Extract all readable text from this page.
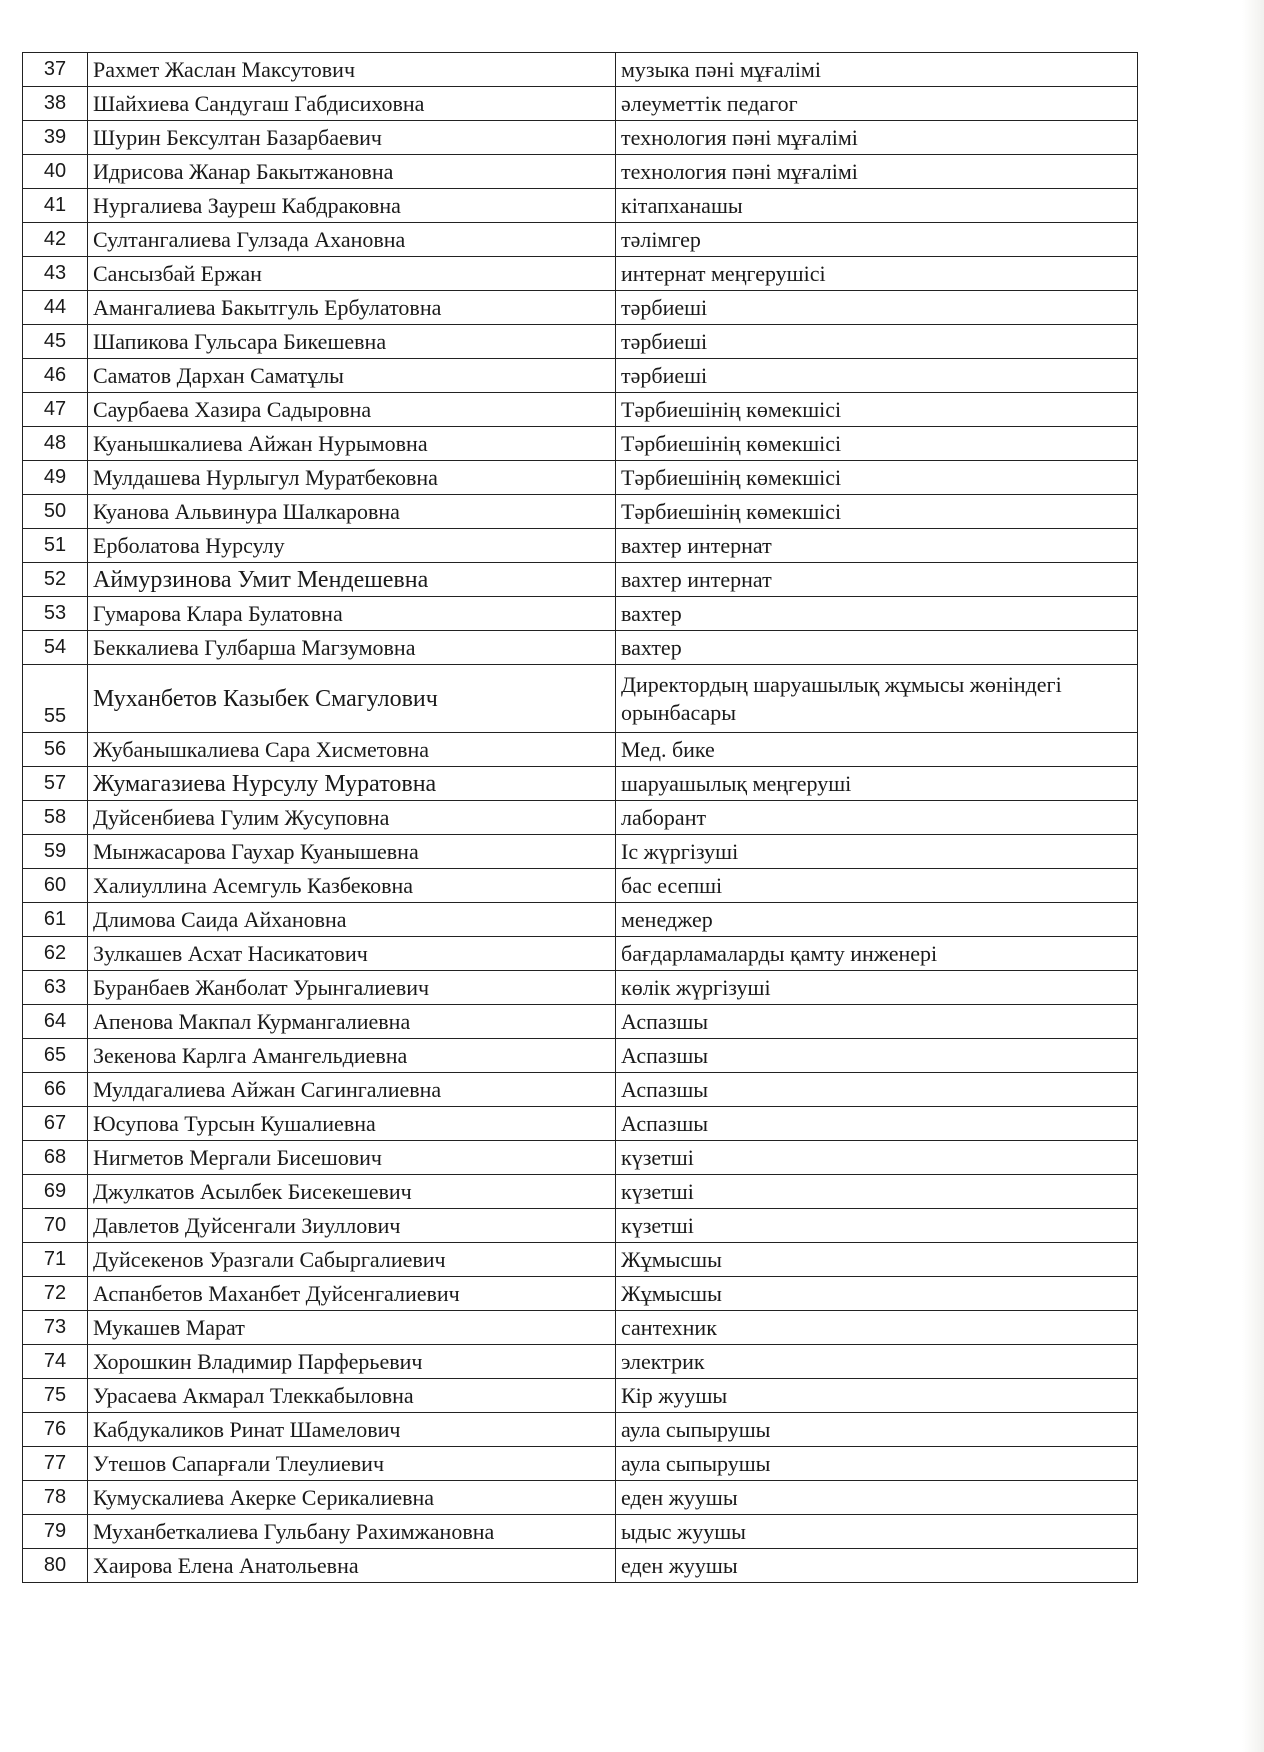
37	Рахмет Жаслан Максутович	музыка пәні мұғалімі
38	Шайхиева Сандугаш Габдисиховна	әлеуметтік педагог
39	Шурин Бексултан Базарбаевич	технология пәні мұғалімі
40	Идрисова Жанар Бакытжановна	технология пәні мұғалімі
41	Нургалиева Зауреш Кабдраковна	кітапханашы
42	Султангалиева Гулзада Ахановна	тәлімгер
43	Сансызбай Ержан	интернат меңгерушісі
44	Амангалиева Бакытгуль Ербулатовна	тәрбиеші
45	Шапикова Гульсара Бикешевна	тәрбиеші
46	Саматов Дархан Саматұлы	тәрбиеші
47	Саурбаева Хазира Садыровна	Тәрбиешінің көмекшісі
48	Куанышкалиева Айжан Нурымовна	Тәрбиешінің көмекшісі
49	Мулдашева Нурлыгул Муратбековна	Тәрбиешінің көмекшісі
50	Куанова Альвинура Шалкаровна	Тәрбиешінің көмекшісі
51	Ерболатова Нурсулу	вахтер интернат
52	Аймурзинова Умит Мендешевна	вахтер интернат
53	Гумарова Клара Булатовна	вахтер
54	Беккалиева Гулбарша Магзумовна	вахтер
55	Муханбетов Казыбек Смагулович	Директордың шаруашылық жұмысы жөніндегі орынбасары
56	Жубанышкалиева Сара Хисметовна	Мед. бике
57	Жумагазиева Нурсулу Муратовна	шаруашылық меңгеруші
58	Дуйсенбиева Гулим Жусуповна	лаборант
59	Мынжасарова Гаухар Куанышевна	Іс жүргізуші
60	Халиуллина Асемгуль Казбековна	бас есепші
61	Длимова Саида Айхановна	менеджер
62	Зулкашев Асхат Насикатович	бағдарламаларды қамту инженері
63	Буранбаев Жанболат Урынгалиевич	көлік жүргізуші
64	Апенова Макпал Курмангалиевна	Аспазшы
65	Зекенова Карлга Амангельдиевна	Аспазшы
66	Мулдагалиева Айжан Сагингалиевна	Аспазшы
67	Юсупова Турсын Кушалиевна	Аспазшы
68	Нигметов Мергали Бисешович	күзетші
69	Джулкатов Асылбек Бисекешевич	күзетші
70	Давлетов Дуйсенгали Зиуллович	күзетші
71	Дуйсекенов Уразгали Сабыргалиевич	Жұмысшы
72	Аспанбетов Маханбет Дуйсенгалиевич	Жұмысшы
73	Мукашев Марат	сантехник
74	Хорошкин Владимир Парферьевич	электрик
75	Урасаева Акмарал Тлеккабыловна	Кір жуушы
76	Кабдукаликов Ринат Шамелович	аула сыпырушы
77	Утешов Сапарғали Тлеулиевич	аула сыпырушы
78	Кумускалиева Акерке Серикалиевна	еден жуушы
79	Муханбеткалиева Гульбану Рахимжановна	ыдыс жуушы
80	Хаирова Елена Анатольевна	еден жуушы
